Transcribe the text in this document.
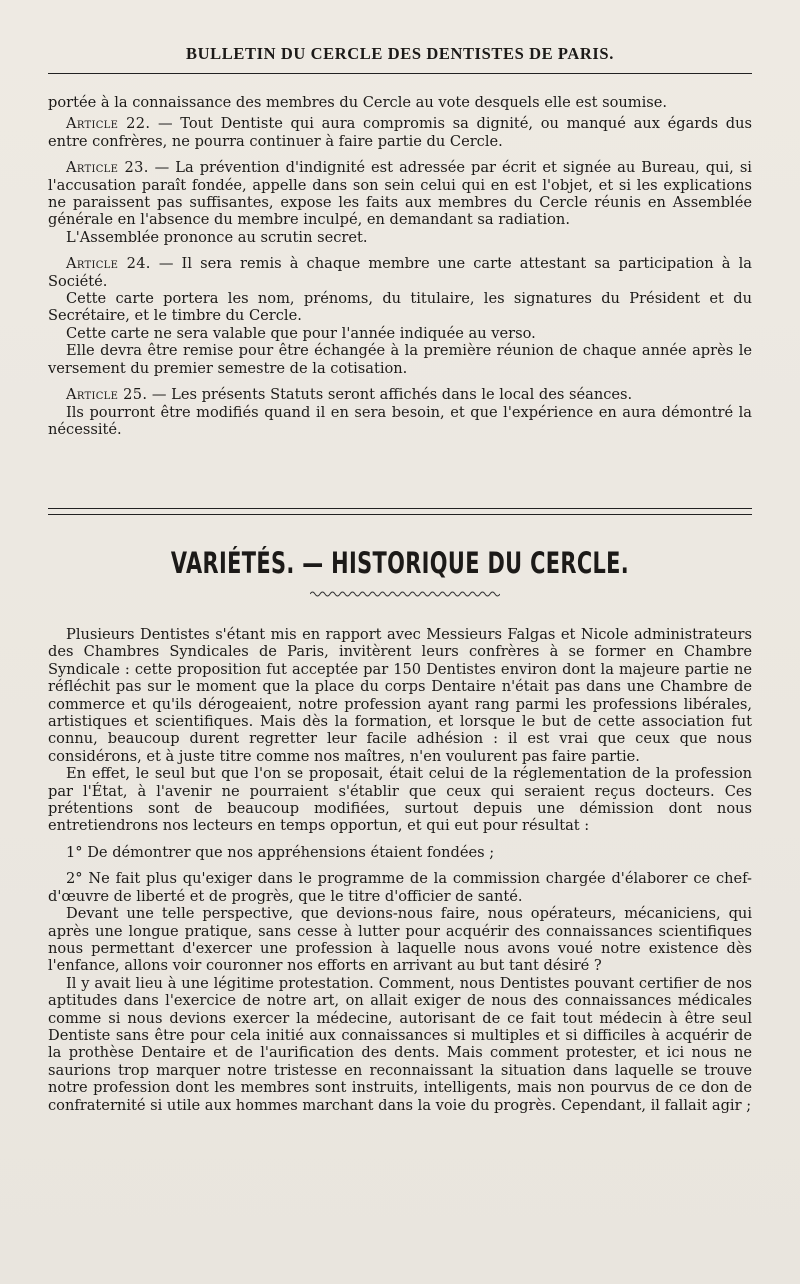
BULLETIN DU CERCLE DES DENTISTES DE PARIS.

portée à la connaissance des membres du Cercle au vote desquels elle est soumise.

Article 22. — Tout Dentiste qui aura compromis sa dignité, ou manqué aux égards dus entre confrères, ne pourra continuer à faire partie du Cercle.

Article 23. — La prévention d'indignité est adressée par écrit et signée au Bureau, qui, si l'accusation paraît fondée, appelle dans son sein celui qui en est l'objet, et si les explications ne paraissent pas suffisantes, expose les faits aux membres du Cercle réunis en Assemblée générale en l'absence du membre inculpé, en demandant sa radiation.

L'Assemblée prononce au scrutin secret.

Article 24. — Il sera remis à chaque membre une carte attestant sa participation à la Société.

Cette carte portera les nom, prénoms, du titulaire, les signatures du Président et du Secrétaire, et le timbre du Cercle.

Cette carte ne sera valable que pour l'année indiquée au verso.

Elle devra être remise pour être échangée à la première réunion de chaque année après le versement du premier semestre de la cotisation.

Article 25. — Les présents Statuts seront affichés dans le local des séances.

Ils pourront être modifiés quand il en sera besoin, et que l'expérience en aura démontré la nécessité.

VARIÉTÉS. — HISTORIQUE DU CERCLE.

Plusieurs Dentistes s'étant mis en rapport avec Messieurs Falgas et Nicole administrateurs des Chambres Syndicales de Paris, invitèrent leurs confrères à se former en Chambre Syndicale : cette proposition fut acceptée par 150 Dentistes environ dont la majeure partie ne réfléchit pas sur le moment que la place du corps Dentaire n'était pas dans une Chambre de commerce et qu'ils dérogeaient, notre profession ayant rang parmi les professions libérales, artistiques et scientifiques. Mais dès la formation, et lorsque le but de cette association fut connu, beaucoup durent regretter leur facile adhésion : il est vrai que ceux que nous considérons, et à juste titre comme nos maîtres, n'en voulurent pas faire partie.

En effet, le seul but que l'on se proposait, était celui de la réglementation de la profession par l'État, à l'avenir ne pourraient s'établir que ceux qui seraient reçus docteurs. Ces prétentions sont de beaucoup modifiées, surtout depuis une démission dont nous entretiendrons nos lecteurs en temps opportun, et qui eut pour résultat :

1° De démontrer que nos appréhensions étaient fondées ;

2° Ne fait plus qu'exiger dans le programme de la commission chargée d'élaborer ce chef-d'œuvre de liberté et de progrès, que le titre d'officier de santé.

Devant une telle perspective, que devions-nous faire, nous opérateurs, mécaniciens, qui après une longue pratique, sans cesse à lutter pour acquérir des connaissances scientifiques nous permettant d'exercer une profession à laquelle nous avons voué notre existence dès l'enfance, allons voir couronner nos efforts en arrivant au but tant désiré ?

Il y avait lieu à une légitime protestation. Comment, nous Dentistes pouvant certifier de nos aptitudes dans l'exercice de notre art, on allait exiger de nous des connaissances médicales comme si nous devions exercer la médecine, autorisant de ce fait tout médecin à être seul Dentiste sans être pour cela initié aux connaissances si multiples et si difficiles à acquérir de la prothèse Dentaire et de l'aurification des dents. Mais comment protester, et ici nous ne saurions trop marquer notre tristesse en reconnaissant la situation dans laquelle se trouve notre profession dont les membres sont instruits, intelligents, mais non pourvus de ce don de confraternité si utile aux hommes marchant dans la voie du progrès. Cependant, il fallait agir ;
